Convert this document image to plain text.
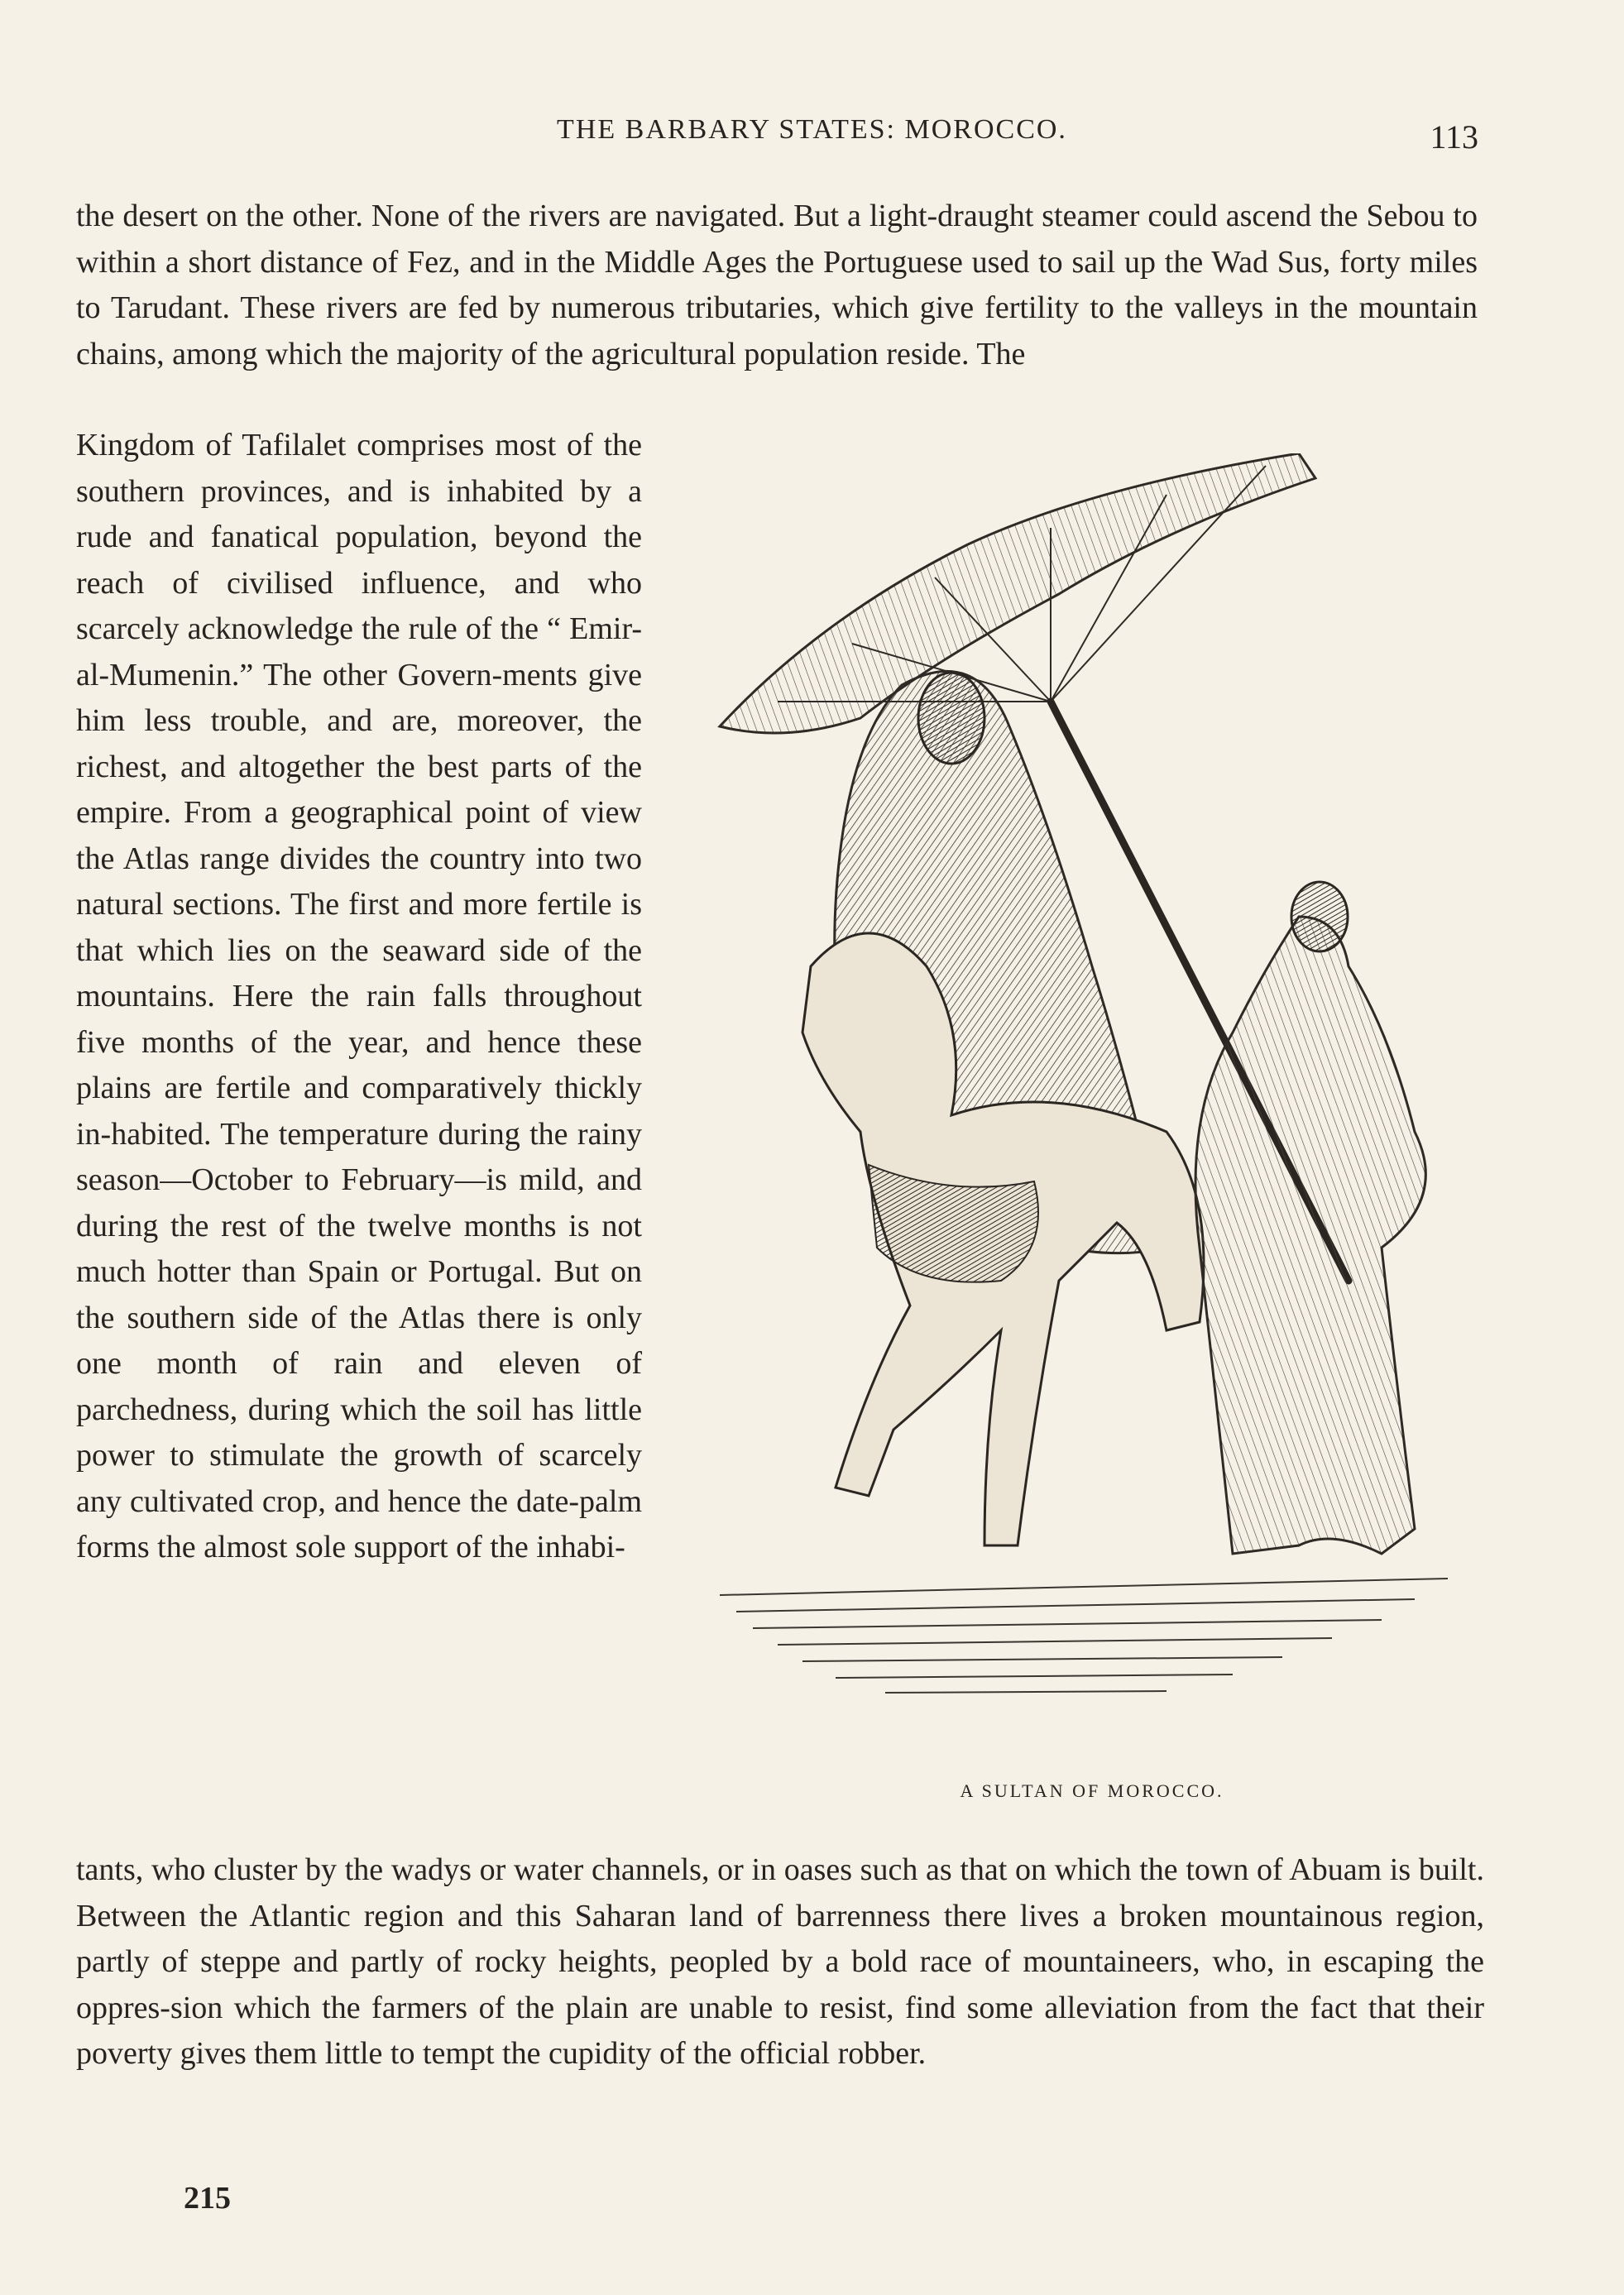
THE BARBARY STATES: MOROCCO.	113

the desert on the other. None of the rivers are navigated. But a light-draught steamer could ascend the Sebou to within a short distance of Fez, and in the Middle Ages the Portuguese used to sail up the Wad Sus, forty miles to Tarudant. These rivers are fed by numerous tributaries, which give fertility to the valleys in the mountain chains, among which the majority of the agricultural population reside. The

Kingdom of Tafilalet comprises most of the southern provinces, and is inhabited by a rude and fanatical population, beyond the reach of civilised influence, and who scarcely acknowledge the rule of the “ Emir-al-Mumenin.” The other Govern-ments give him less trouble, and are, moreover, the richest, and altogether the best parts of the empire. From a geographical point of view the Atlas range divides the country into two natural sections. The first and more fertile is that which lies on the seaward side of the mountains. Here the rain falls throughout five months of the year, and hence these plains are fertile and comparatively thickly in-habited. The temperature during the rainy season—October to February—is mild, and during the rest of the twelve months is not much hotter than Spain or Portugal. But on the southern side of the Atlas there is only one month of rain and eleven of parchedness, during which the soil has little power to stimulate the growth of scarcely any cultivated crop, and hence the date-palm forms the almost sole support of the inhabi-

A SULTAN OF MOROCCO.

tants, who cluster by the wadys or water channels, or in oases such as that on which the town of Abuam is built. Between the Atlantic region and this Saharan land of barrenness there lives a broken mountainous region, partly of steppe and partly of rocky heights, peopled by a bold race of mountaineers, who, in escaping the oppres-sion which the farmers of the plain are unable to resist, find some alleviation from the fact that their poverty gives them little to tempt the cupidity of the official robber.

215
